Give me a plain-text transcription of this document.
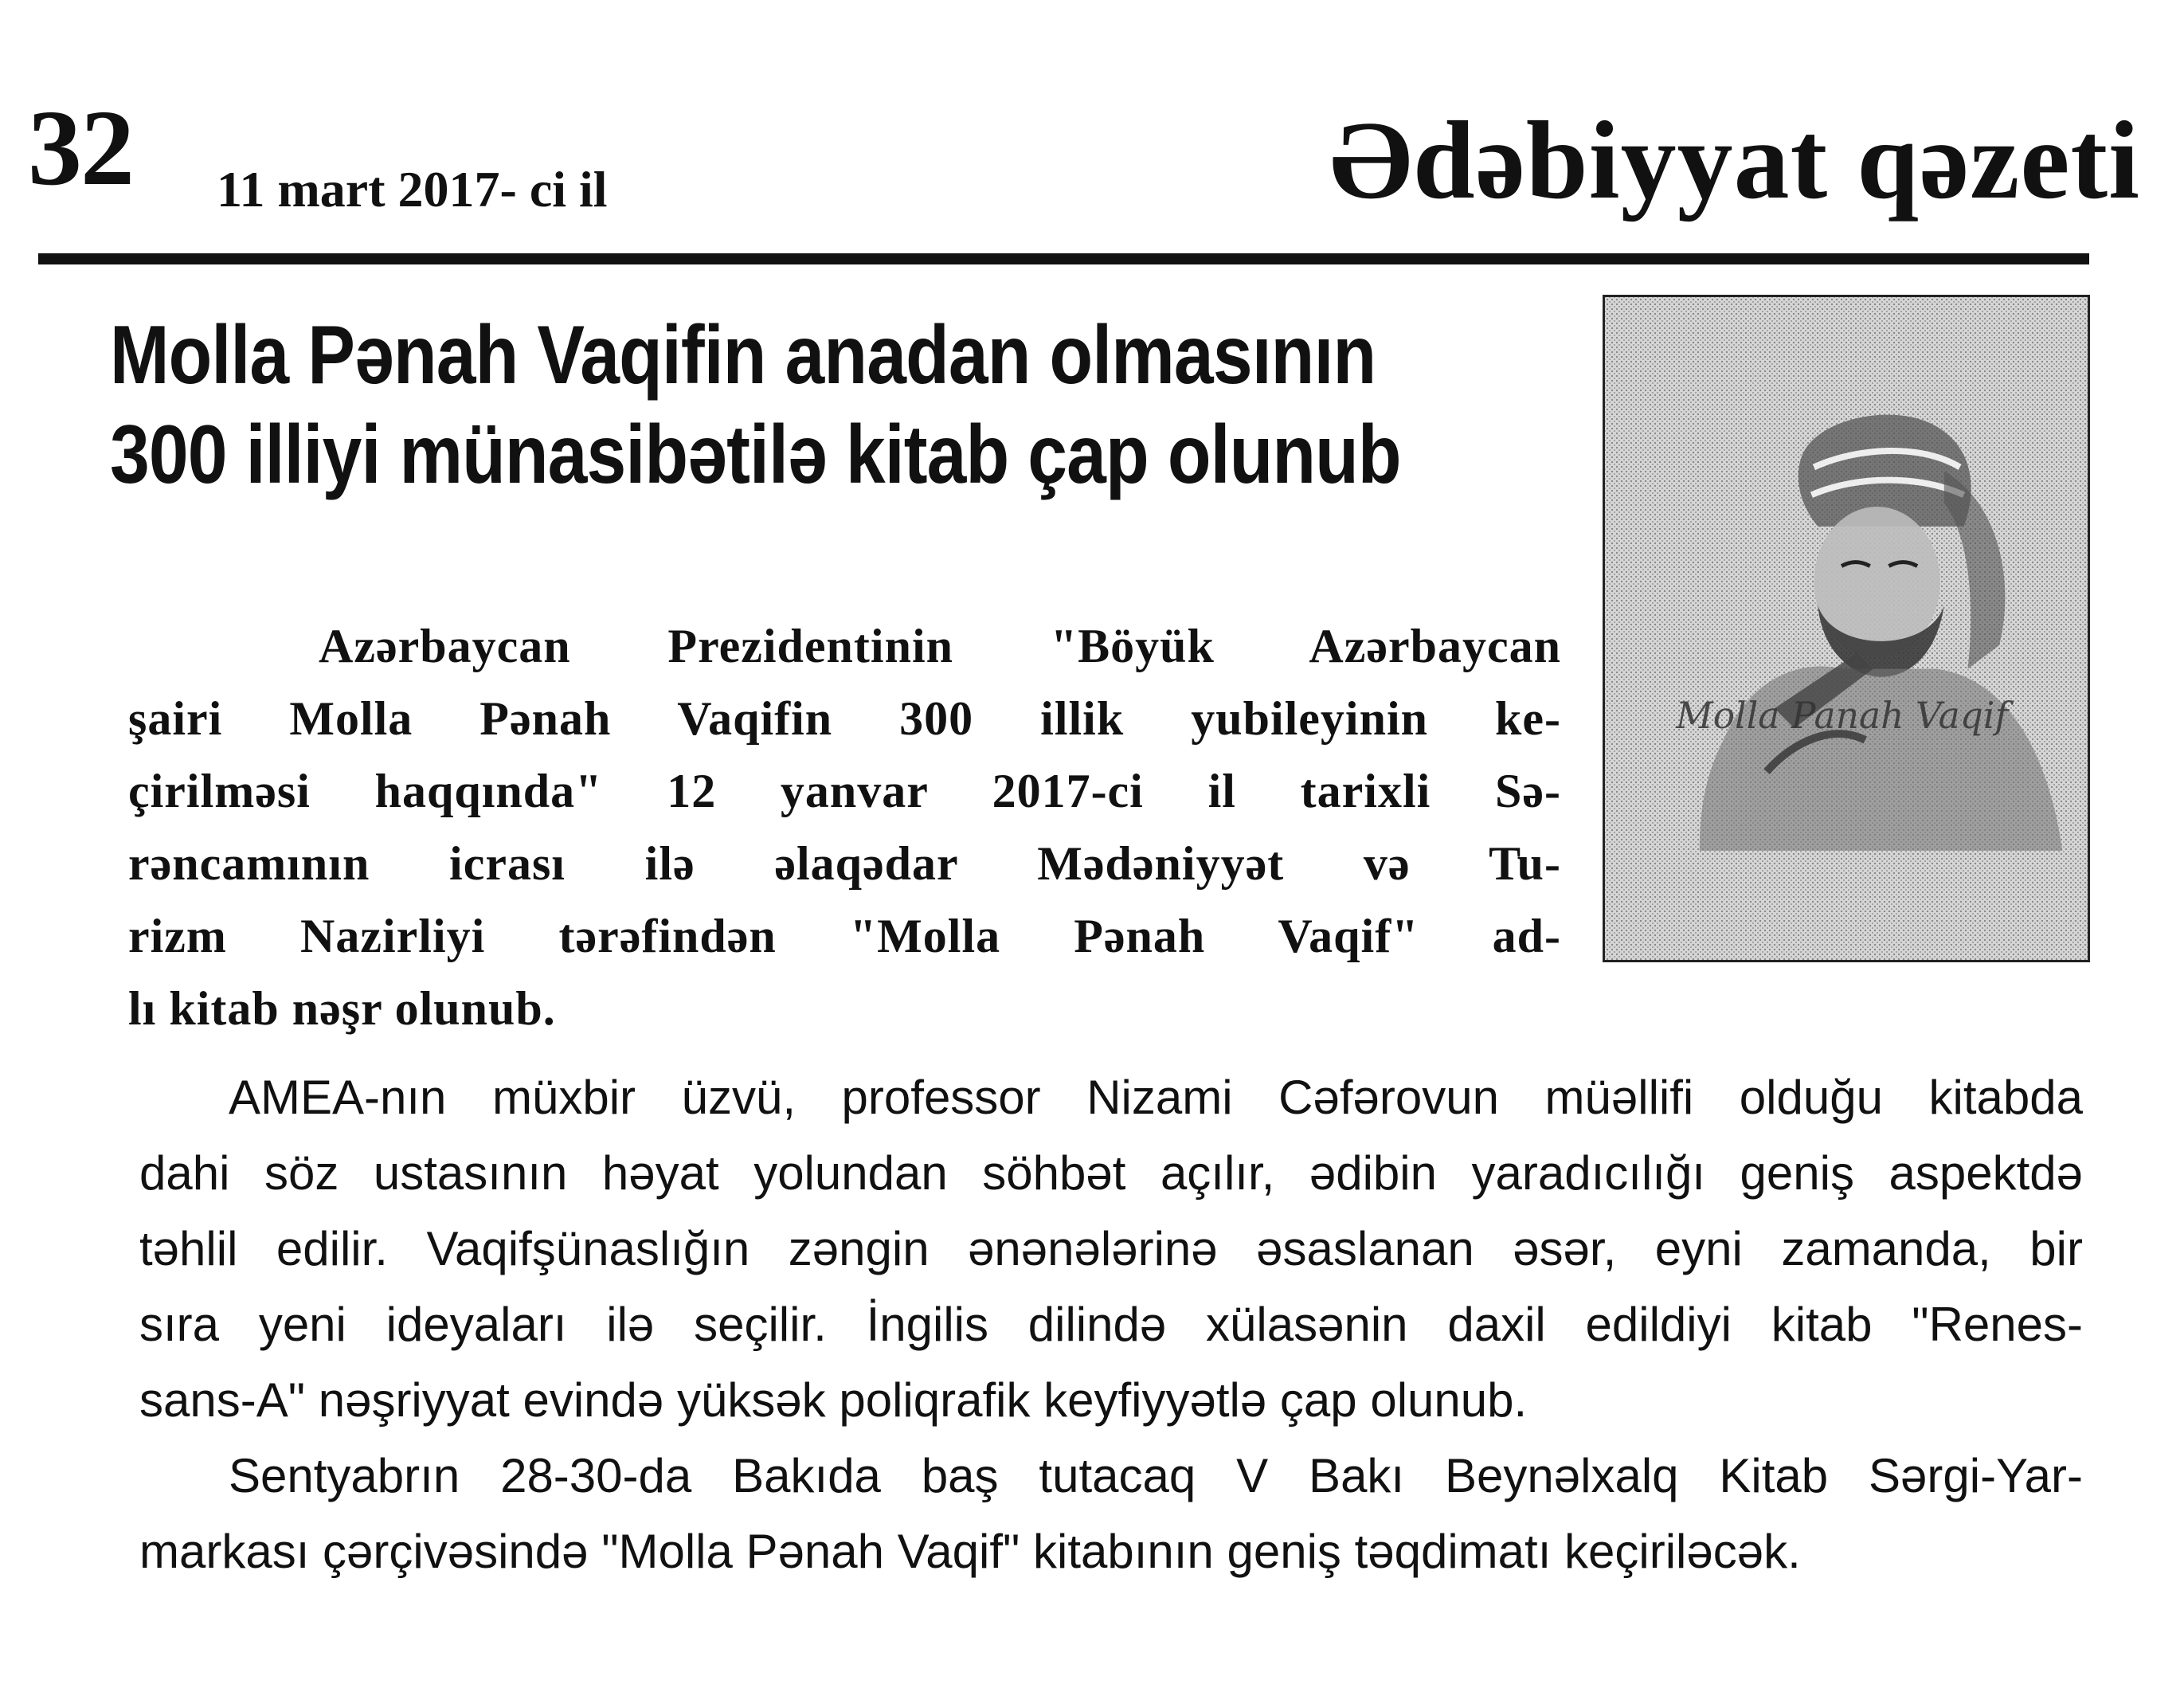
32 11 mart 2017- ci il	Ədəbiyyat qəzeti
Molla Pənah Vaqifin anadan olmasının
300 illiyi münasibətilə kitab çap olunub
Molla Panah Vaqif
Azərbaycan Prezidentinin "Böyük Azərbaycan
şairi Molla Pənah Vaqifin 300 illik yubileyinin ke-
çirilməsi haqqında" 12 yanvar 2017-ci il tarixli Sə-
rəncamının icrası ilə əlaqədar Mədəniyyət və Tu-
rizm Nazirliyi tərəfindən "Molla Pənah Vaqif" ad-
lı kitab nəşr olunub.
AMEA-nın müxbir üzvü, professor Nizami Cəfərovun müəllifi olduğu kitabda
dahi söz ustasının həyat yolundan söhbət açılır, ədibin yaradıcılığı geniş aspektdə
təhlil edilir. Vaqifşünaslığın zəngin ənənələrinə əsaslanan əsər, eyni zamanda, bir
sıra yeni ideyaları ilə seçilir. İngilis dilində xülasənin daxil edildiyi kitab "Renes-
sans-A" nəşriyyat evində yüksək poliqrafik keyfiyyətlə çap olunub.
Sentyabrın 28-30-da Bakıda baş tutacaq V Bakı Beynəlxalq Kitab Sərgi-Yar-
markası çərçivəsində "Molla Pənah Vaqif" kitabının geniş təqdimatı keçiriləcək.
